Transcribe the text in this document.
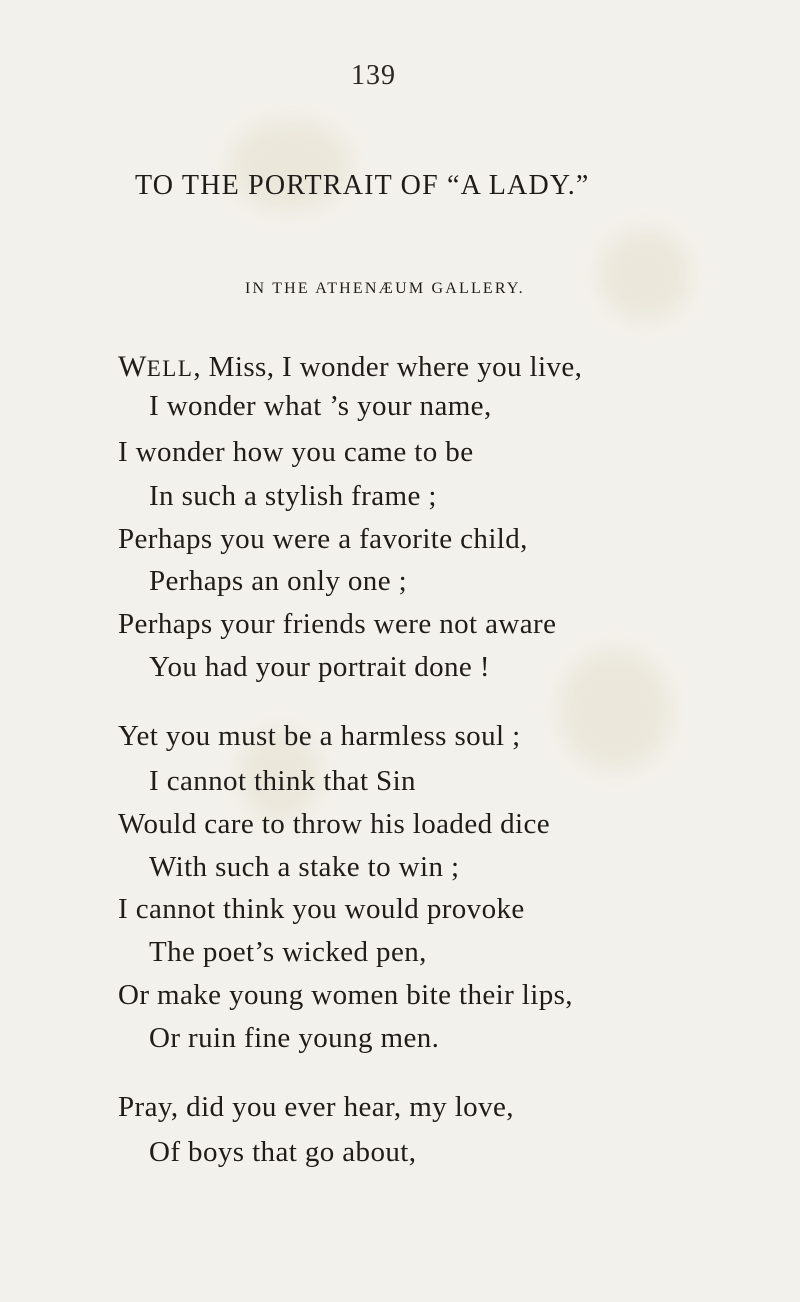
139
TO THE PORTRAIT OF “A LADY.”
IN THE ATHENÆUM GALLERY.
WELL, Miss, I wonder where you live,
I wonder what ’s your name,
I wonder how you came to be
In such a stylish frame ;
Perhaps you were a favorite child,
Perhaps an only one ;
Perhaps your friends were not aware
You had your portrait done !
Yet you must be a harmless soul ;
I cannot think that Sin
Would care to throw his loaded dice
With such a stake to win ;
I cannot think you would provoke
The poet’s wicked pen,
Or make young women bite their lips,
Or ruin fine young men.
Pray, did you ever hear, my love,
Of boys that go about,
